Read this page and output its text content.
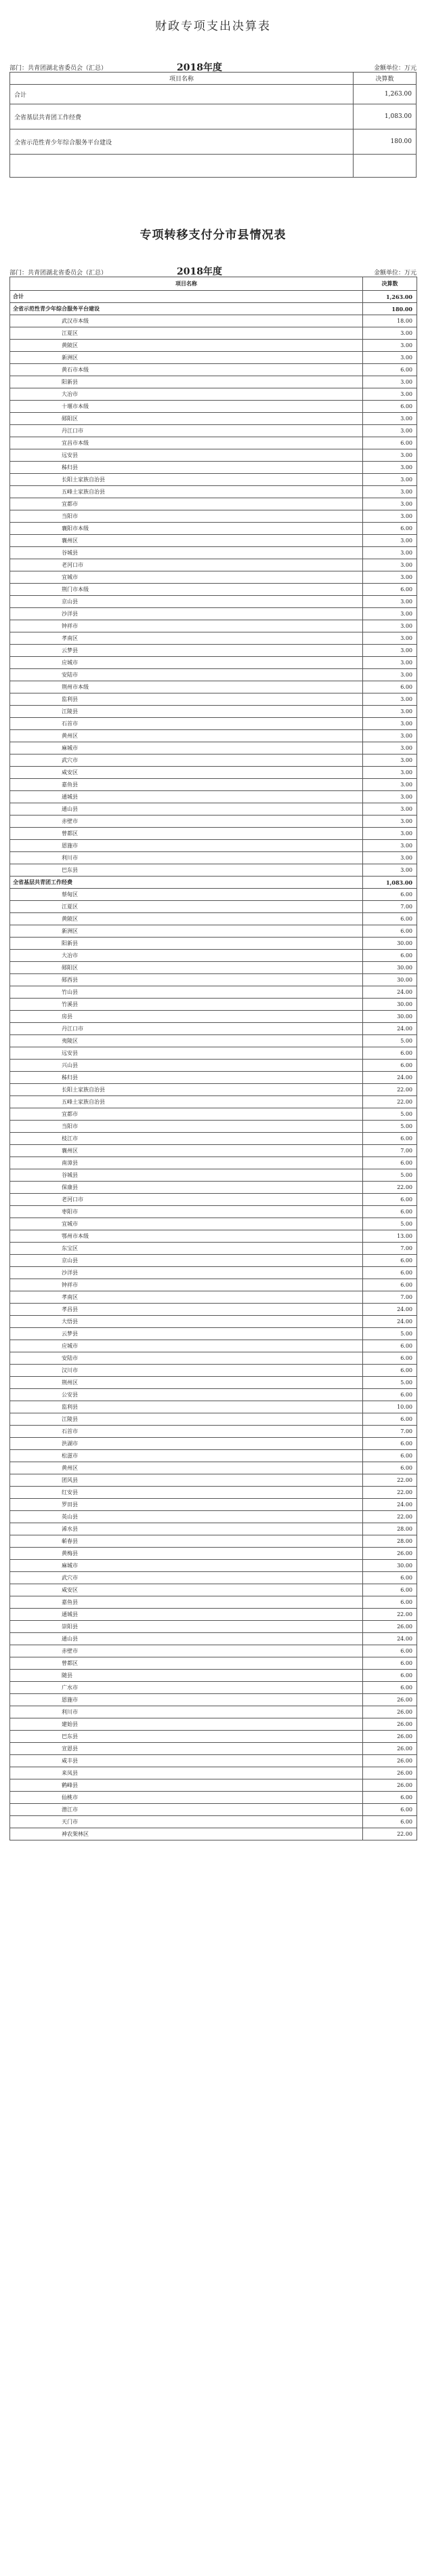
财政专项支出决算表
部门：共青团湖北省委员会（汇总）	2018年度	金额单位：万元
项目名称	决算数
合计	1,263.00
全省基层共青团工作经费	1,083.00
全省示范性青少年综合服务平台建设	180.00

专项转移支付分市县情况表
部门：共青团湖北省委员会（汇总）	2018年度	金额单位：万元
项目名称	决算数
合计	1,263.00
全省示范性青少年综合服务平台建设	180.00
武汉市本级	18.00
江夏区	3.00
黄陂区	3.00
新洲区	3.00
黄石市本级	6.00
阳新县	3.00
大冶市	3.00
十堰市本级	6.00
郧阳区	3.00
丹江口市	3.00
宜昌市本级	6.00
远安县	3.00
秭归县	3.00
长阳土家族自治县	3.00
五峰土家族自治县	3.00
宜都市	3.00
当阳市	3.00
襄阳市本级	6.00
襄州区	3.00
谷城县	3.00
老河口市	3.00
宜城市	3.00
荆门市本级	6.00
京山县	3.00
沙洋县	3.00
钟祥市	3.00
孝南区	3.00
云梦县	3.00
应城市	3.00
安陆市	3.00
荆州市本级	6.00
监利县	3.00
江陵县	3.00
石首市	3.00
黄州区	3.00
麻城市	3.00
武穴市	3.00
咸安区	3.00
嘉鱼县	3.00
通城县	3.00
通山县	3.00
赤壁市	3.00
曾都区	3.00
恩施市	3.00
利川市	3.00
巴东县	3.00
全省基层共青团工作经费	1,083.00
蔡甸区	6.00
江夏区	7.00
黄陂区	6.00
新洲区	6.00
阳新县	30.00
大冶市	6.00
郧阳区	30.00
郧西县	30.00
竹山县	24.00
竹溪县	30.00
房县	30.00
丹江口市	24.00
夷陵区	5.00
远安县	6.00
兴山县	6.00
秭归县	24.00
长阳土家族自治县	22.00
五峰土家族自治县	22.00
宜都市	5.00
当阳市	5.00
枝江市	6.00
襄州区	7.00
南漳县	6.00
谷城县	5.00
保康县	22.00
老河口市	6.00
枣阳市	6.00
宜城市	5.00
鄂州市本级	13.00
东宝区	7.00
京山县	6.00
沙洋县	6.00
钟祥市	6.00
孝南区	7.00
孝昌县	24.00
大悟县	24.00
云梦县	5.00
应城市	6.00
安陆市	6.00
汉川市	6.00
荆州区	5.00
公安县	6.00
监利县	10.00
江陵县	6.00
石首市	7.00
洪湖市	6.00
松滋市	6.00
黄州区	6.00
团风县	22.00
红安县	22.00
罗田县	24.00
英山县	22.00
浠水县	28.00
蕲春县	28.00
黄梅县	26.00
麻城市	30.00
武穴市	6.00
咸安区	6.00
嘉鱼县	6.00
通城县	22.00
崇阳县	26.00
通山县	24.00
赤壁市	6.00
曾都区	6.00
随县	6.00
广水市	6.00
恩施市	26.00
利川市	26.00
建始县	26.00
巴东县	26.00
宣恩县	26.00
咸丰县	26.00
来凤县	26.00
鹤峰县	26.00
仙桃市	6.00
潜江市	6.00
天门市	6.00
神农架林区	22.00
